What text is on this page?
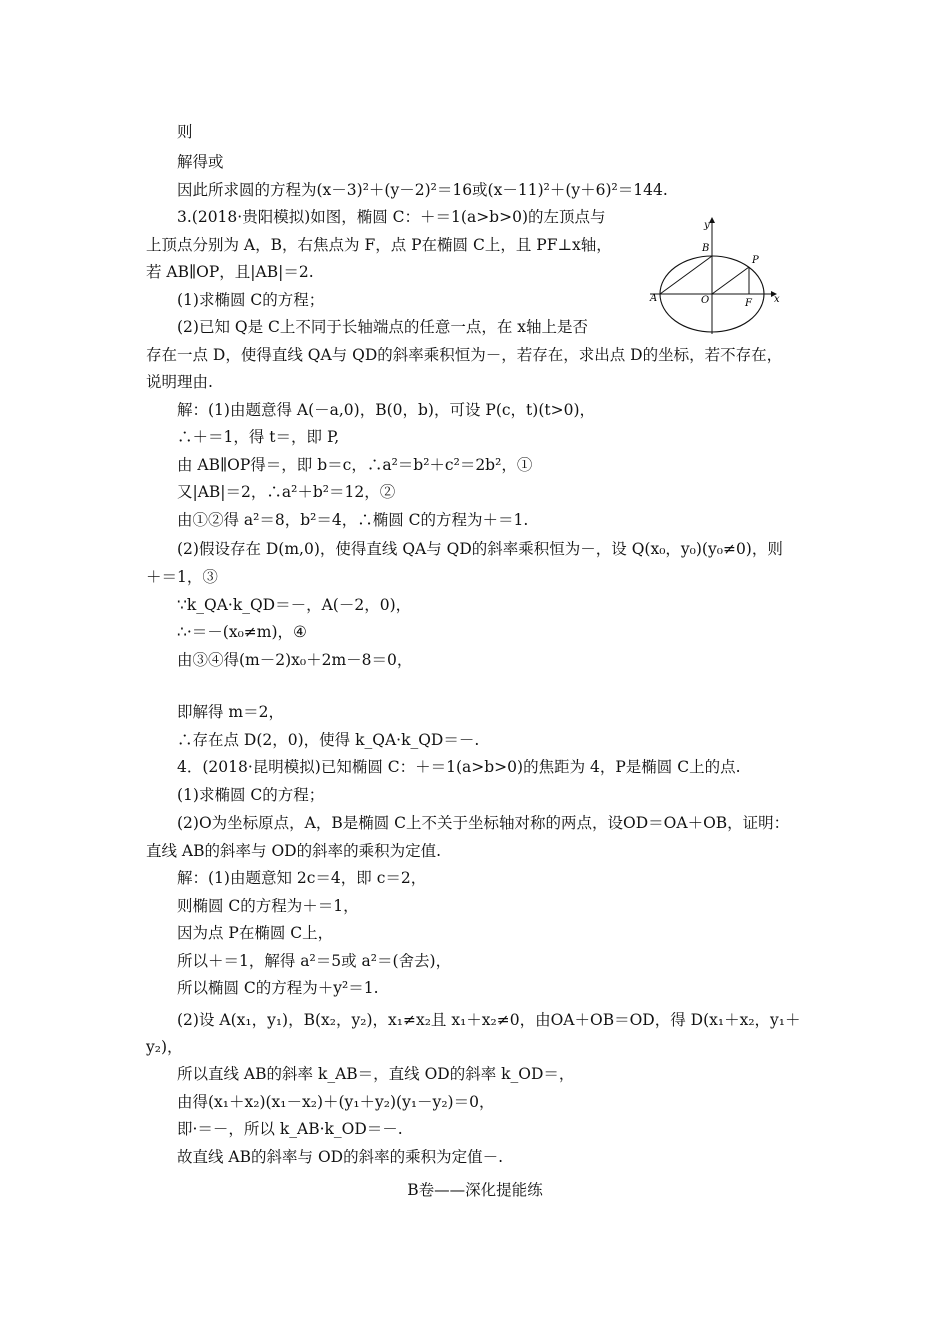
则
解得或
因此所求圆的方程为(x－3)²＋(y－2)²＝16或(x－11)²＋(y＋6)²＝144.
3.(2018·贵阳模拟)如图，椭圆 C：＋＝1(a>b>0)的左顶点与
上顶点分别为 A，B，右焦点为 F，点 P在椭圆 C上，且 PF⊥x轴，
若 AB∥OP，且|AB|＝2.
(1)求椭圆 C的方程；
(2)已知 Q是 C上不同于长轴端点的任意一点，在 x轴上是否
存在一点 D，使得直线 QA与 QD的斜率乘积恒为－，若存在，求出点 D的坐标，若不存在，
说明理由.
解：(1)由题意得 A(－a,0)，B(0，b)，可设 P(c，t)(t>0)，
∴＋＝1，得 t＝，即 P,
由 AB∥OP得＝，即 b＝c，∴a²＝b²＋c²＝2b²，①
又|AB|＝2，∴a²＋b²＝12，②
由①②得 a²＝8，b²＝4，∴椭圆 C的方程为＋＝1.
(2)假设存在 D(m,0)，使得直线 QA与 QD的斜率乘积恒为－，设 Q(x₀，y₀)(y₀≠0)，则
＋＝1，③
∵k_QA·k_QD＝－，A(－2，0)，
∴·＝－(x₀≠m)，④
由③④得(m－2)x₀＋2m－8＝0，
即解得 m＝2，
∴存在点 D(2，0)，使得 k_QA·k_QD＝－.
4．(2018·昆明模拟)已知椭圆 C：＋＝1(a>b>0)的焦距为 4，P是椭圆 C上的点.
(1)求椭圆 C的方程；
(2)O为坐标原点，A，B是椭圆 C上不关于坐标轴对称的两点，设OD＝OA＋OB，证明：
直线 AB的斜率与 OD的斜率的乘积为定值.
解：(1)由题意知 2c＝4，即 c＝2，
则椭圆 C的方程为＋＝1，
因为点 P在椭圆 C上，
所以＋＝1，解得 a²＝5或 a²＝(舍去)，
所以椭圆 C的方程为＋y²＝1.
(2)设 A(x₁，y₁)，B(x₂，y₂)，x₁≠x₂且 x₁＋x₂≠0，由OA＋OB＝OD，得 D(x₁＋x₂，y₁＋
y₂)，
所以直线 AB的斜率 k_AB＝，直线 OD的斜率 k_OD＝，
由得(x₁＋x₂)(x₁－x₂)＋(y₁＋y₂)(y₁－y₂)＝0，
即·＝－，所以 k_AB·k_OD＝－.
故直线 AB的斜率与 OD的斜率的乘积为定值－.
B卷——深化提能练
y
x
A
B
O	F
P
